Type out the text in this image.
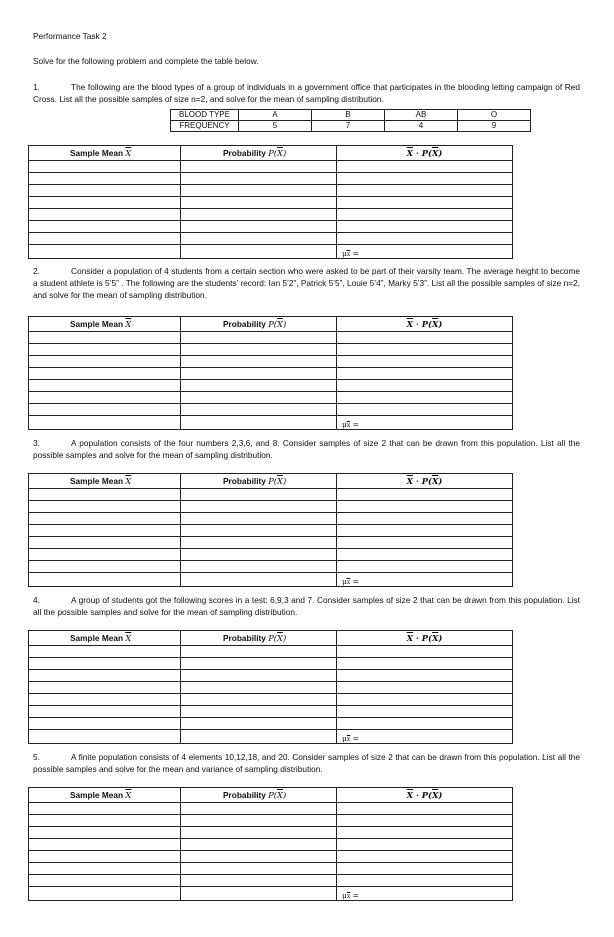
Performance Task 2

Solve for the following problem and complete the table below.

1.	The following are the blood types of a group of individuals in a government office that participates in the blooding letting campaign of Red Cross. List all the possible samples of size n=2, and solve for the mean of sampling distribution.

BLOOD TYPE	A	B	AB	O
FREQUENCY	5	7	4	9

2.	Consider a population of 4 students from a certain section who were asked to be part of their varsity team. The average height to become a student athlete is 5’5” . The following are the students’ record: Ian 5’2”, Patrick 5’5”, Louie 5’4”, Marky 5’3”. List all the possible samples of size n=2, and solve for the mean of sampling distribution.

3.	A population consists of the four numbers 2,3,6, and 8. Consider samples of size 2 that can be drawn from this population. List all the possible samples and solve for the mean of sampling distribution.

4.	A group of students got the following scores in a test: 6,9,3 and 7. Consider samples of size 2 that can be drawn from this population. List all the possible samples and solve for the mean of sampling distribution.

5.	A finite population consists of 4 elements 10,12,18, and 20. Consider samples of size 2 that can be drawn from this population. List all the possible samples and solve for the mean and variance of sampling distribution.

Sample Mean $\overline{X}$	Probability $P(\overline{X})$	$\overline{X} \cdot P(\overline{X})$

		$\mu\overline{x}$ =
Sample Mean $\overline{X}$	Probability $P(\overline{X})$	$\overline{X} \cdot P(\overline{X})$

		$\mu\overline{x}$ =
Sample Mean $\overline{X}$	Probability $P(\overline{X})$	$\overline{X} \cdot P(\overline{X})$

		$\mu\overline{x}$ =
Sample Mean $\overline{X}$	Probability $P(\overline{X})$	$\overline{X} \cdot P(\overline{X})$

		$\mu\overline{x}$ =
Sample Mean $\overline{X}$	Probability $P(\overline{X})$	$\overline{X} \cdot P(\overline{X})$

		$\mu\overline{x}$ =
